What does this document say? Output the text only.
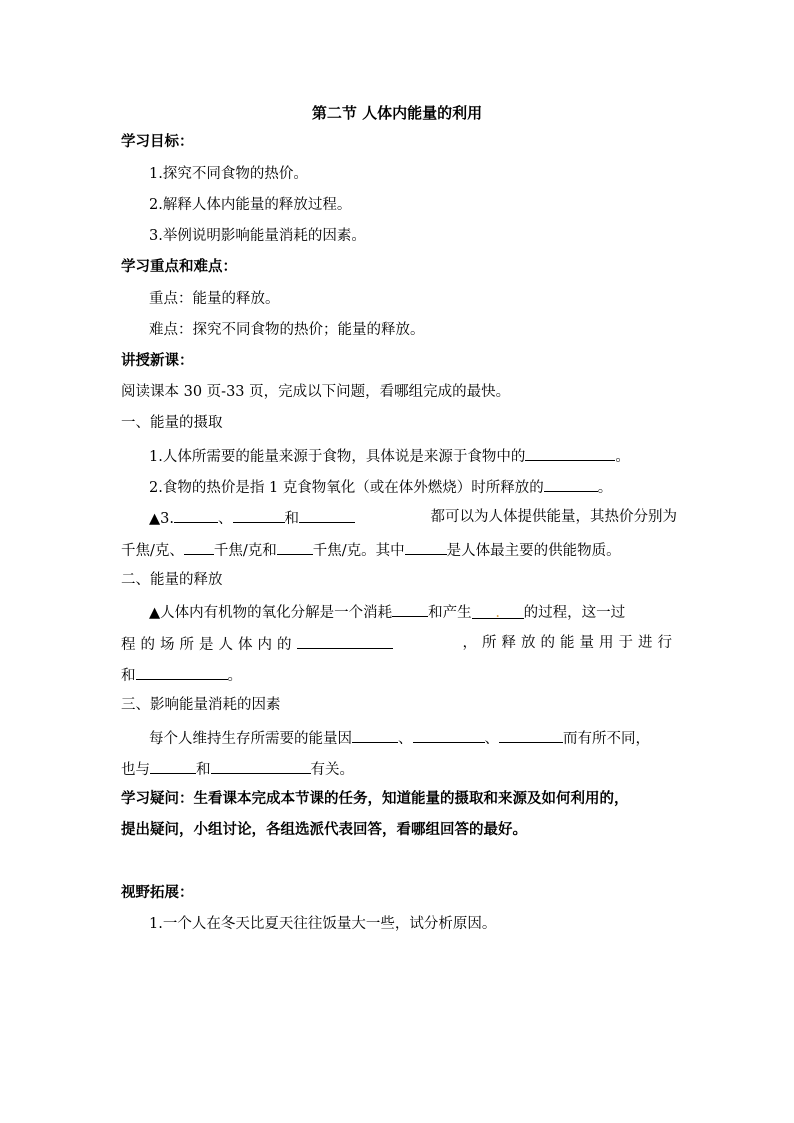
第二节 人体内能量的利用
学习目标：
1.探究不同食物的热价。
2.解释人体内能量的释放过程。
3.举例说明影响能量消耗的因素。
学习重点和难点：
重点：能量的释放。
难点：探究不同食物的热价；能量的释放。
讲授新课：
阅读课本 30 页-33 页，完成以下问题，看哪组完成的最快。
一、能量的摄取
1.人体所需要的能量来源于食物，具体说是来源于食物中的	。
2.食物的热价是指 1 克食物氧化（或在体外燃烧）时所释放的	。
▲3.	、	和	都可以为人体提供能量，其热价分别为
千焦/克、 千焦/克和 千焦/克。其中	是人体最主要的供能物质。
二、能量的释放
▲人体内有机物的氧化分解是一个消耗 和产生 . 的过程，这一过
程的场所是人体内的	，所释放的能量用于进行
和	。
三、影响能量消耗的因素
每个人维持生存所需要的能量因	、	、	而有所不同，
也与	和	有关。
学习疑问：生看课本完成本节课的任务，知道能量的摄取和来源及如何利用的，
提出疑问，小组讨论，各组选派代表回答，看哪组回答的最好。
视野拓展：
1.一个人在冬天比夏天往往饭量大一些，试分析原因。
